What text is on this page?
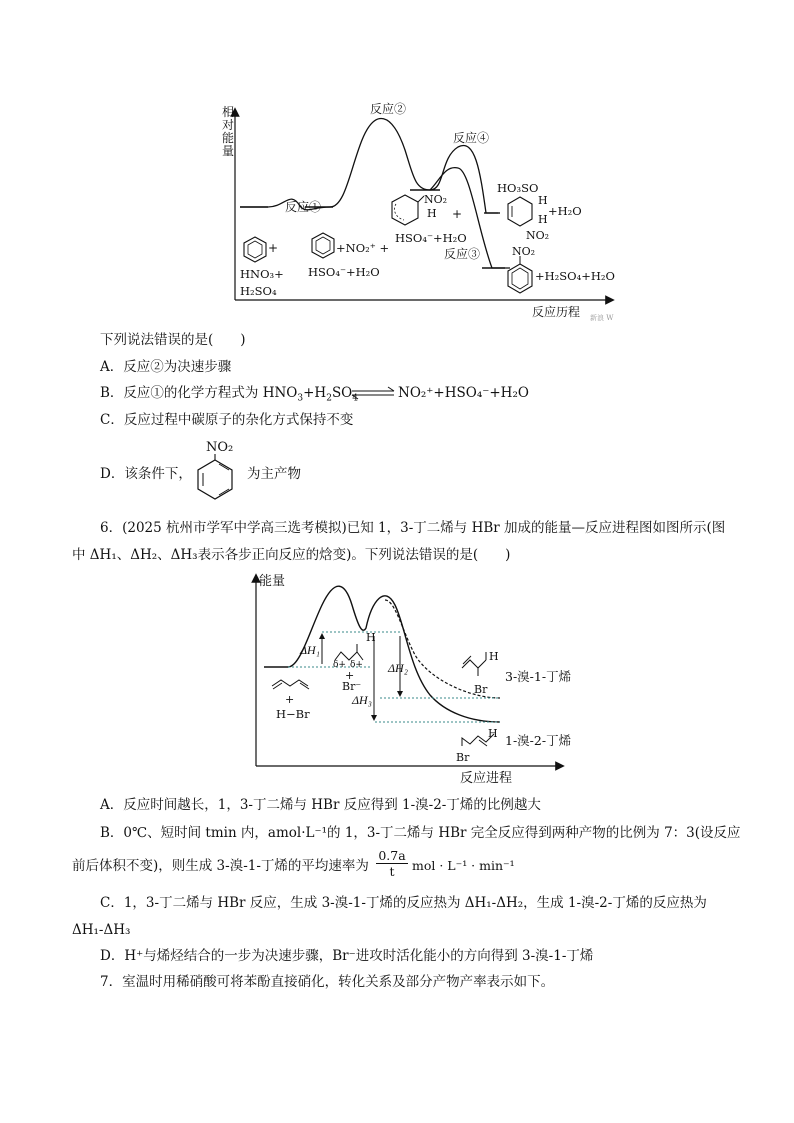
相对能量
反应历程 新浪 W
反应①
反应②
反应③
反应④
+
HNO₃+
H₂SO₄
+NO₂⁺ +
HSO₄⁻+H₂O
NO₂
H +
HSO₄⁻+H₂O
HO₃SO
H
+H₂O
H
NO₂
NO₂
+H₂SO₄+H₂O
下列说法错误的是(　　)
A．反应②为决速步骤
B．反应①的化学方程式为 $HNO_3+H_2SO_4$ ⇌ NO₂⁺+HSO₄⁻+H₂O
C．反应过程中碳原子的杂化方式保持不变
D．该条件下，
NO₂
为主产物
6．(2025 杭州市学军中学高三选考模拟)已知 1，3-丁二烯与 HBr 加成的能量—反应进程图如图所示(图
中 ΔH₁、ΔH₂、ΔH₃表示各步正向反应的焓变)。下列说法错误的是(　　)
能量
反应进程
ΔH₁
ΔH₂
ΔH₃
H
δ+ δ+
+
Br⁻
+
H−Br
H
Br
3-溴-1-丁烯
H
Br
1-溴-2-丁烯
A．反应时间越长，1，3-丁二烯与 HBr 反应得到 1-溴-2-丁烯的比例越大
B．0℃、短时间 tmin 内，amol·L⁻¹的 1，3-丁二烯与 HBr 完全反应得到两种产物的比例为 7：3(设反应
前后体积不变)，则生成 3-溴-1-丁烯的平均速率为 $\frac{0.7a}{t}$ mol · L⁻¹ · min⁻¹
C．1，3-丁二烯与 HBr 反应，生成 3-溴-1-丁烯的反应热为 ΔH₁-ΔH₂，生成 1-溴-2-丁烯的反应热为
ΔH₁-ΔH₃
D．H⁺与烯烃结合的一步为决速步骤，Br⁻进攻时活化能小的方向得到 3-溴-1-丁烯
7．室温时用稀硝酸可将苯酚直接硝化，转化关系及部分产物产率表示如下。
